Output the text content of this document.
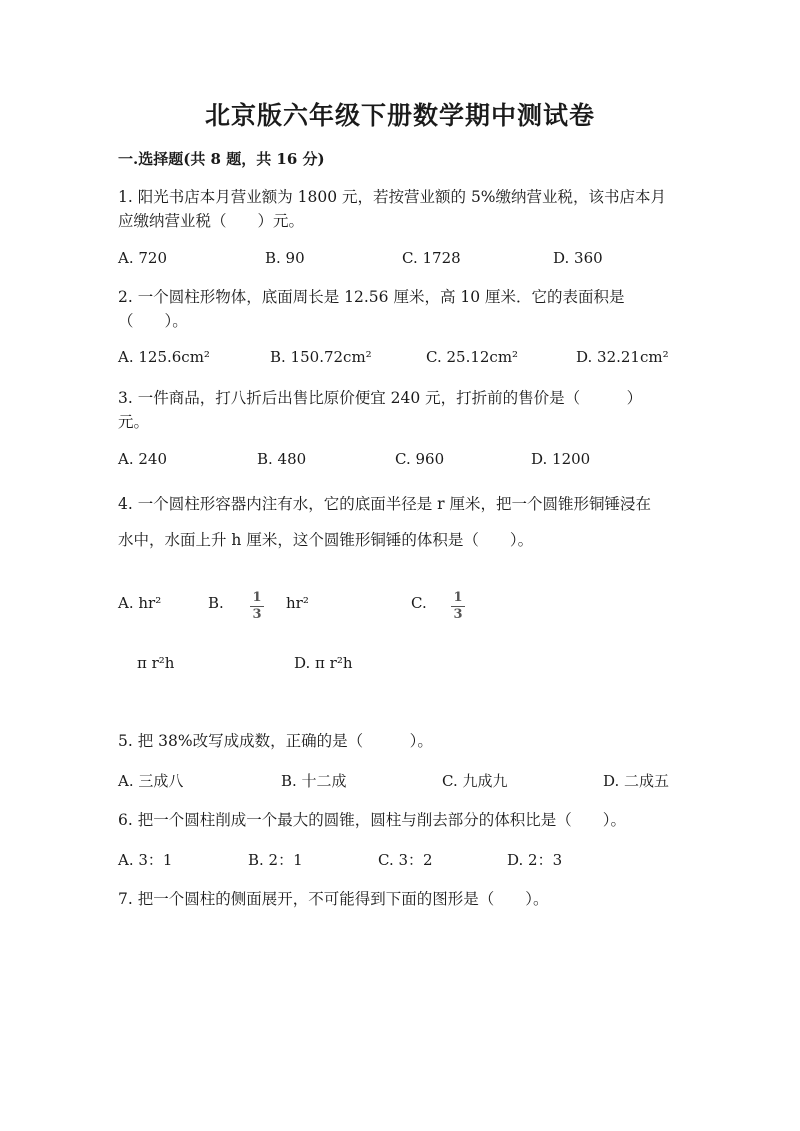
北京版六年级下册数学期中测试卷
一.选择题(共 8 题，共 16 分)
1. 阳光书店本月营业额为 1800 元，若按营业额的 5%缴纳营业税，该书店本月
应缴纳营业税（　　）元。
A. 720	B. 90	C. 1728	D. 360
2. 一个圆柱形物体，底面周长是 12.56 厘米，高 10 厘米．它的表面积是
（　　）。
A. 125.6cm²	B. 150.72cm²	C. 25.12cm²	D. 32.21cm²
3. 一件商品，打八折后出售比原价便宜 240 元，打折前的售价是（　　　）
元。
A. 240	B. 480	C. 960	D. 1200
4. 一个圆柱形容器内注有水，它的底面半径是 r 厘米，把一个圆锥形铜锤浸在
水中，水面上升 h 厘米，这个圆锥形铜锤的体积是（　　）。
A. hr²	B. 1
3
hr²	C. 1
3
π r²h	D. π r²h
5. 把 38%改写成成数，正确的是（　　　）。
A. 三成八	B. 十二成	C. 九成九	D. 二成五
6. 把一个圆柱削成一个最大的圆锥，圆柱与削去部分的体积比是（　　）。
A. 3：1	B. 2：1	C. 3：2	D. 2：3
7. 把一个圆柱的侧面展开，不可能得到下面的图形是（　　）。
